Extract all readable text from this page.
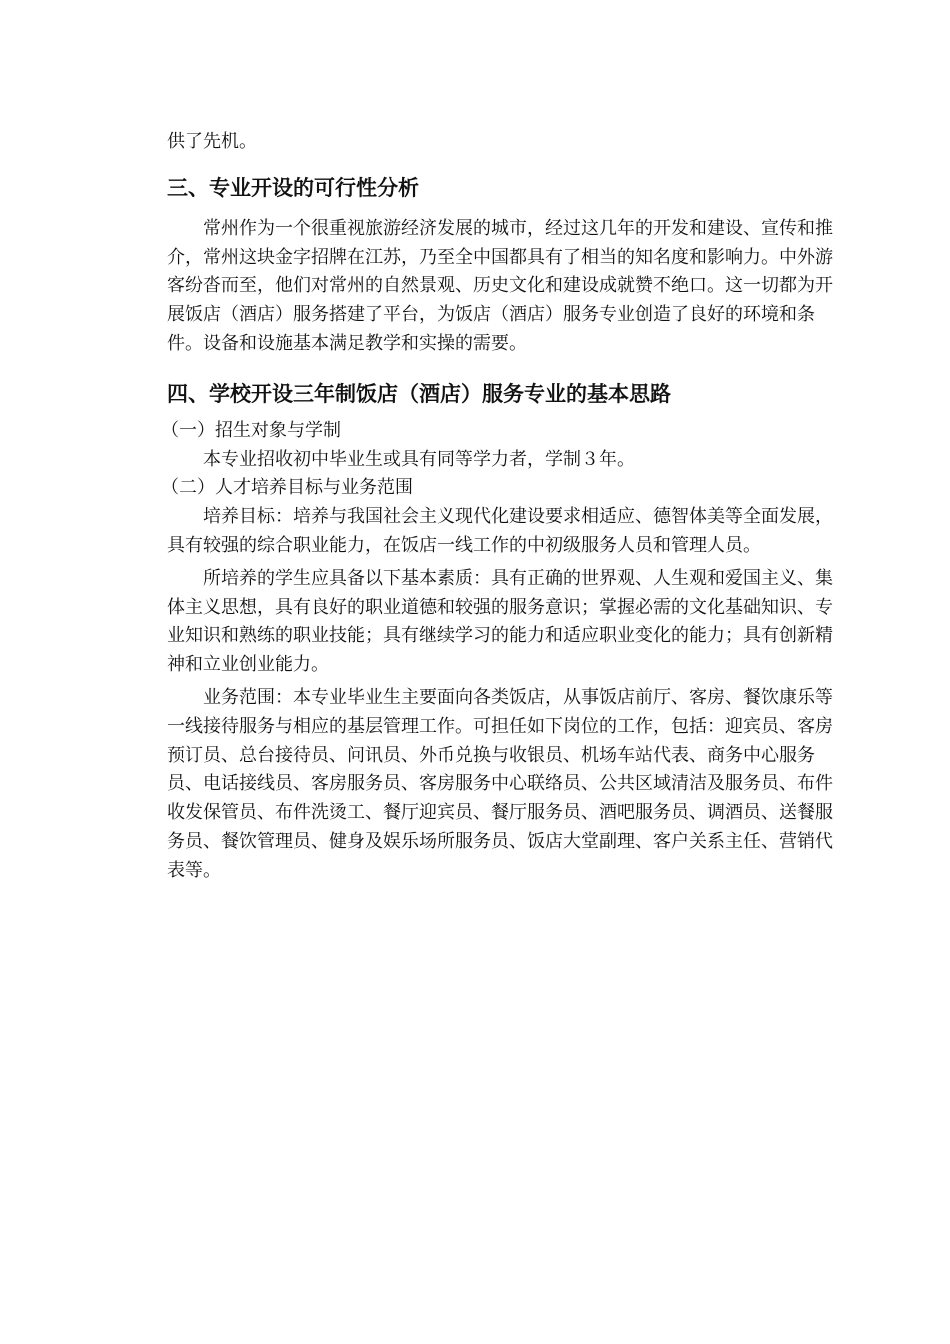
供了先机。

三、专业开设的可行性分析

常州作为一个很重视旅游经济发展的城市，经过这几年的开发和建设、宣传和推介，常州这块金字招牌在江苏，乃至全中国都具有了相当的知名度和影响力。中外游客纷沓而至，他们对常州的自然景观、历史文化和建设成就赞不绝口。这一切都为开展饭店（酒店）服务搭建了平台，为饭店（酒店）服务专业创造了良好的环境和条件。设备和设施基本满足教学和实操的需要。

四、学校开设三年制饭店（酒店）服务专业的基本思路

（一）招生对象与学制

本专业招收初中毕业生或具有同等学力者，学制３年。

（二）人才培养目标与业务范围

培养目标：培养与我国社会主义现代化建设要求相适应、德智体美等全面发展，具有较强的综合职业能力，在饭店一线工作的中初级服务人员和管理人员。

所培养的学生应具备以下基本素质：具有正确的世界观、人生观和爱国主义、集体主义思想，具有良好的职业道德和较强的服务意识；掌握必需的文化基础知识、专业知识和熟练的职业技能；具有继续学习的能力和适应职业变化的能力；具有创新精神和立业创业能力。

业务范围：本专业毕业生主要面向各类饭店，从事饭店前厅、客房、餐饮康乐等一线接待服务与相应的基层管理工作。可担任如下岗位的工作，包括：迎宾员、客房预订员、总台接待员、问讯员、外币兑换与收银员、机场车站代表、商务中心服务员、电话接线员、客房服务员、客房服务中心联络员、公共区域清洁及服务员、布件收发保管员、布件洗烫工、餐厅迎宾员、餐厅服务员、酒吧服务员、调酒员、送餐服务员、餐饮管理员、健身及娱乐场所服务员、饭店大堂副理、客户关系主任、营销代表等。
